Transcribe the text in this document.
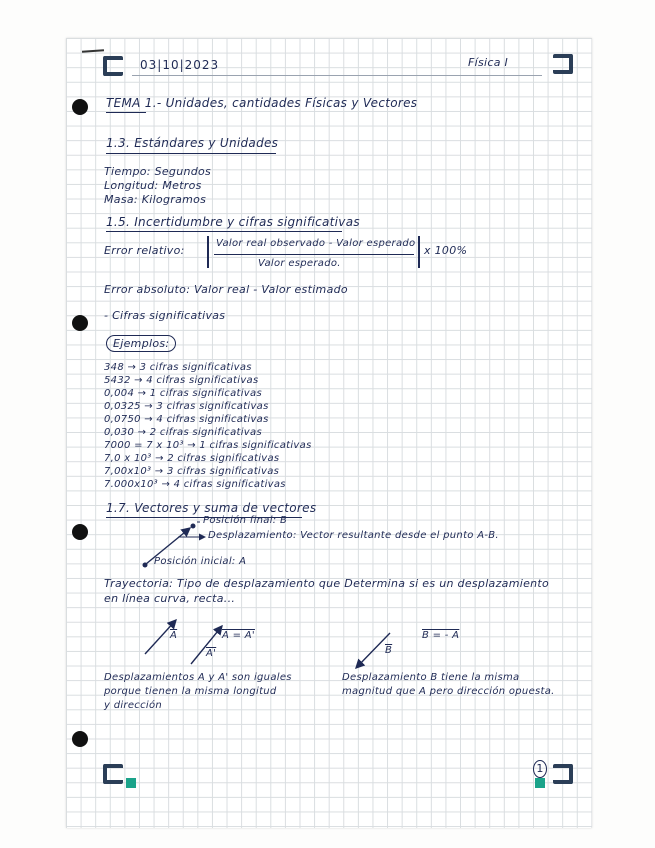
03|10|2023	Física I
TEMA 1.- Unidades, cantidades Físicas y Vectores
1.3. Estándares y Unidades
Tiempo: Segundos
Longitud: Metros
Masa: Kilogramos
1.5. Incertidumbre y cifras significativas
Error relativo:
Valor real observado - Valor esperado
Valor esperado.
x 100%
Error absoluto: Valor real - Valor estimado
- Cifras significativas
Ejemplos:
348 → 3 cifras significativas
5432 → 4 cifras significativas
0,004 → 1 cifras significativas
0,0325 → 3 cifras significativas
0,0750 → 4 cifras significativas
0,030 → 2 cifras significativas
7000 = 7 x 10³ → 1 cifras significativas
7,0 x 10³ → 2 cifras significativas
7,00x10³ → 3 cifras significativas
7.000x10³ → 4 cifras significativas
1.7. Vectores y suma de vectores
Posición final: B
Desplazamiento: Vector resultante desde el punto A-B.
Posición inicial: A
Trayectoria: Tipo de desplazamiento que Determina si es un desplazamiento
en línea curva, recta...
$\overline{A}$	A = A'
A'
B = - A
$\overline{B}$
Desplazamientos A y A' son iguales
porque tienen la misma longitud
y dirección
Desplazamiento B tiene la misma
magnitud que A pero dirección opuesta.
1
